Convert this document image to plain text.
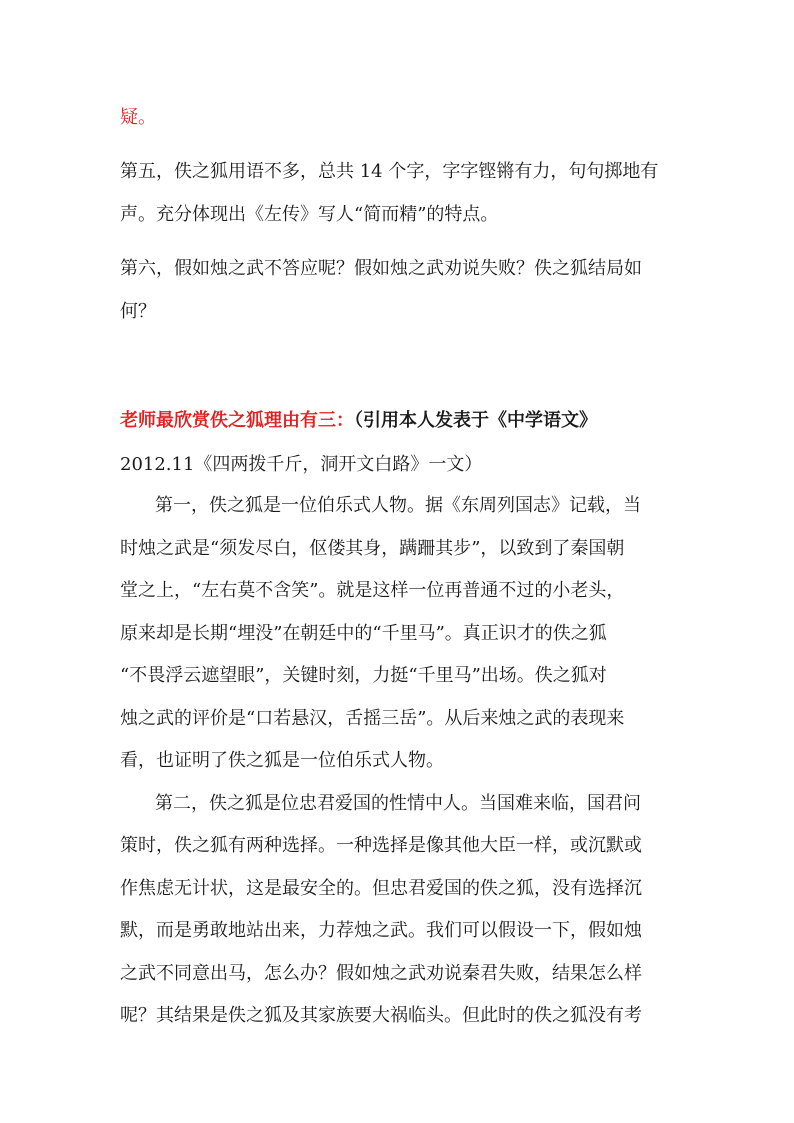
疑。
第五，佚之狐用语不多，总共 14 个字，字字铿锵有力，句句掷地有
声。充分体现出《左传》写人“简而精”的特点。
第六，假如烛之武不答应呢？假如烛之武劝说失败？佚之狐结局如
何？
老师最欣赏佚之狐理由有三：（引用本人发表于《中学语文》
2012.11《四两拨千斤，洞开文白路》一文）
第一，佚之狐是一位伯乐式人物。据《东周列国志》记载，当
时烛之武是“须发尽白，伛偻其身，蹒跚其步”，以致到了秦国朝
堂之上，“左右莫不含笑”。就是这样一位再普通不过的小老头，
原来却是长期“埋没”在朝廷中的“千里马”。真正识才的佚之狐
“不畏浮云遮望眼”，关键时刻，力挺“千里马”出场。佚之狐对
烛之武的评价是“口若悬汉，舌摇三岳”。从后来烛之武的表现来
看，也证明了佚之狐是一位伯乐式人物。
第二，佚之狐是位忠君爱国的性情中人。当国难来临，国君问
策时，佚之狐有两种选择。一种选择是像其他大臣一样，或沉默或
作焦虑无计状，这是最安全的。但忠君爱国的佚之狐，没有选择沉
默，而是勇敢地站出来，力荐烛之武。我们可以假设一下，假如烛
之武不同意出马，怎么办？假如烛之武劝说秦君失败，结果怎么样
呢？其结果是佚之狐及其家族要大祸临头。但此时的佚之狐没有考
